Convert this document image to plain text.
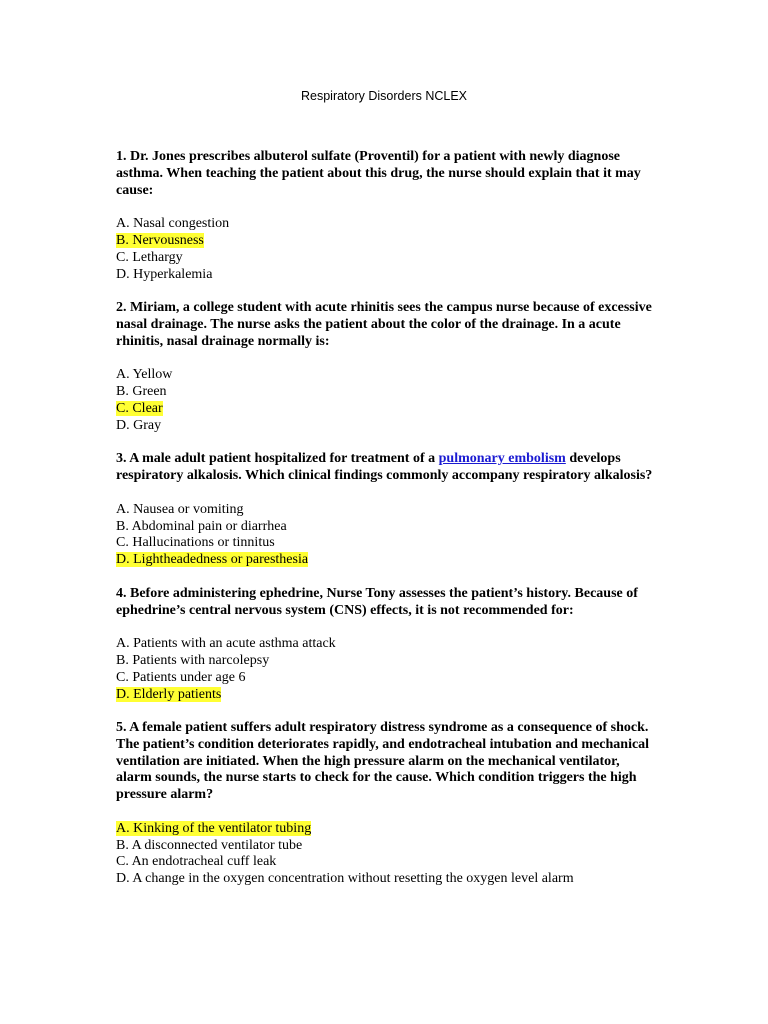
Respiratory Disorders NCLEX

1. Dr. Jones prescribes albuterol sulfate (Proventil) for a patient with newly diagnose asthma. When teaching the patient about this drug, the nurse should explain that it may cause:

A. Nasal congestion
B. Nervousness
C. Lethargy
D. Hyperkalemia

2. Miriam, a college student with acute rhinitis sees the campus nurse because of excessive nasal drainage. The nurse asks the patient about the color of the drainage. In a acute rhinitis, nasal drainage normally is:

A. Yellow
B. Green
C. Clear
D. Gray

3. A male adult patient hospitalized for treatment of a pulmonary embolism develops respiratory alkalosis. Which clinical findings commonly accompany respiratory alkalosis?

A. Nausea or vomiting
B. Abdominal pain or diarrhea
C. Hallucinations or tinnitus
D. Lightheadedness or paresthesia

4. Before administering ephedrine, Nurse Tony assesses the patient’s history. Because of ephedrine’s central nervous system (CNS) effects, it is not recommended for:

A. Patients with an acute asthma attack
B. Patients with narcolepsy
C. Patients under age 6
D. Elderly patients

5. A female patient suffers adult respiratory distress syndrome as a consequence of shock. The patient’s condition deteriorates rapidly, and endotracheal intubation and mechanical ventilation are initiated. When the high pressure alarm on the mechanical ventilator, alarm sounds, the nurse starts to check for the cause. Which condition triggers the high pressure alarm?

A. Kinking of the ventilator tubing
B. A disconnected ventilator tube
C. An endotracheal cuff leak
D. A change in the oxygen concentration without resetting the oxygen level alarm
